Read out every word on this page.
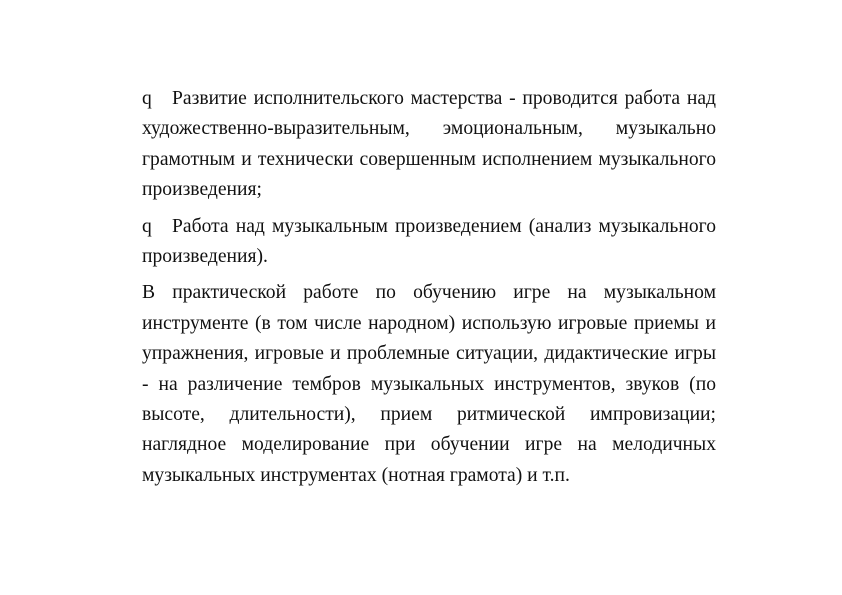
q Развитие исполнительского мастерства - проводится работа над художественно-выразительным, эмоциональным, музыкально грамотным и технически совершенным исполнением музыкального произведения;

q Работа над музыкальным произведением (анализ музыкального произведения).

В практической работе по обучению игре на музыкальном инструменте (в том числе народном) использую игровые приемы и упражнения, игровые и проблемные ситуации, дидактические игры - на различение тембров музыкальных инструментов, звуков (по высоте, длительности), прием ритмической импровизации; наглядное моделирование при обучении игре на мелодичных музыкальных инструментах (нотная грамота) и т.п.
